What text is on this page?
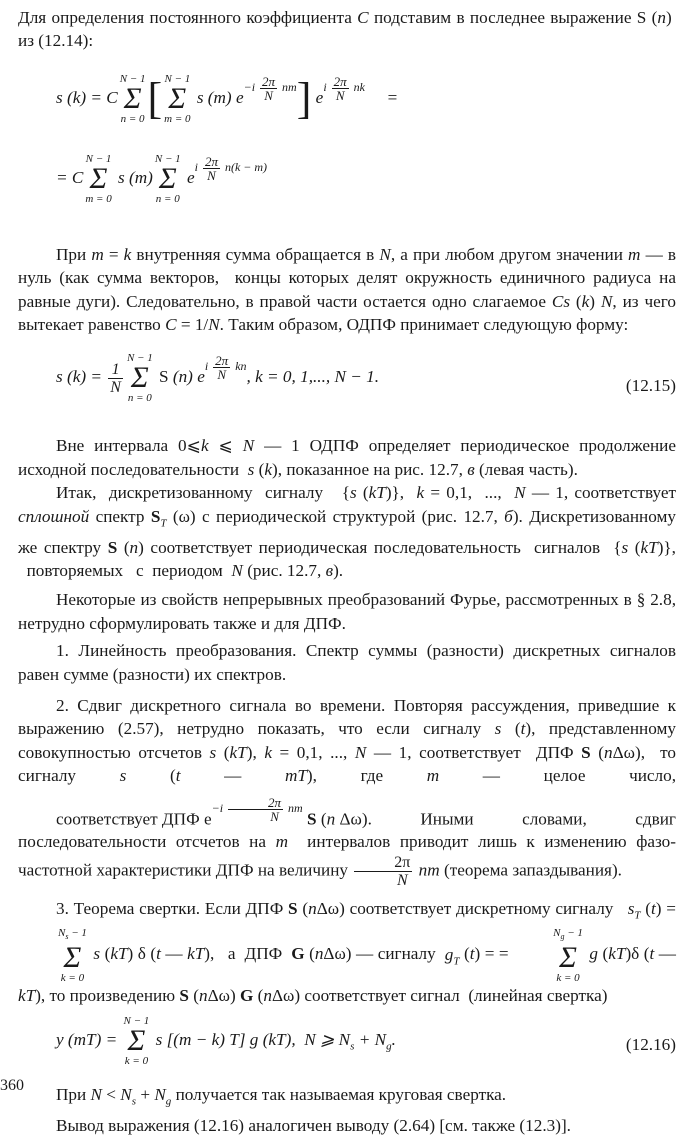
Для определения постоянного коэффициента C подставим в последнее выражение S (n)  из (12.14):

s (k) = C
N − 1
Σ
n = 0 [ N − 1
Σ
m = 0
s (m) $e^{-i \frac{2\pi}{N} nm}$] $e^{i \frac{2\pi}{N} nk}$     =
= C
N − 1
Σ
m = 0
s (m)
N − 1
Σ
n = 0
$e^{i \frac{2\pi}{N} n(k - m)}$

При m = k внутренняя сумма обращается в N, а при любом другом значении m — в нуль (как сумма векторов,  концы которых делят окружность единичного радиуса на равные дуги). Следовательно, в правой части остается одно слагаемое Cs (k) N, из чего вытекает равенство C = 1/N. Таким образом, ОДПФ принимает следующую форму:

s $(k) = \frac{1}{N}$
N − 1
Σ
n = 0
S (n) $e^{i \frac{2\pi}{N} kn}$, k = 0, 1,..., N − 1.	(12.15)

Вне интервала 0⩽k ⩽ N — 1 ОДПФ определяет периодическое продолжение исходной последовательности  s (k), показанное на рис. 12.7, в (левая часть).

Итак,  дискретизованному  сигналу   {s (kT)},  k = 0,1,  ...,  N — 1, соответствует сплошной спектр $S_T$ (ω) с периодической структурой (рис. 12.7, б). Дискретизованному же спектру S (n) соответствует периодическая последовательность  сигналов  {s (kT)},   повторяемых   с  периодом  N (рис. 12.7, в).

Некоторые из свойств непрерывных преобразований Фурье, рассмотренных в § 2.8, нетрудно сформулировать также и для ДПФ.

1. Линейность преобразования. Спектр суммы (разности) дискретных сигналов равен сумме (разности) их спектров.

2. Сдвиг дискретного сигнала во времени. Повторяя рассуждения, приведшие к выражению (2.57), нетрудно показать, что если сигналу s (t), представленному совокупностью отсчетов s (kT), k = 0,1, ..., N — 1, соответствует  ДПФ S (nΔω),  то сигналу s (t — mT), где m — целое число, соответствует ДПФ $e^{-i \frac{2\pi}{N} nm}$ S (n Δω). Иными словами, сдвиг последовательности отсчетов на m  интервалов приводит лишь к изменению фазо-частотной характеристики ДПФ на величину $\frac{2\pi}{N}$ nm (теорема запаздывания).

3. Теорема свертки. Если ДПФ S (nΔω) соответствует дискретному сигналу   $s_T$ (t) =
$N_s - 1$
Σ
k = 0
s (kT) δ (t — kT),   а  ДПФ  G (nΔω) — сигналу  $g_T$ (t) = =
$N_g - 1$
Σ
k = 0
g (kT)δ (t — kT), то произведению S (nΔω) G (nΔω) соответствует сигнал  (линейная свертка)

y (mT) =
N − 1
Σ
k = 0
s [(m − k) T] g (kT),  N ⩾ $N_s + N_g$.	(12.16)

При $N < N_s + N_g$ получается так называемая круговая свертка.

Вывод выражения (12.16) аналогичен выводу (2.64) [см. также (12.3)].

360
